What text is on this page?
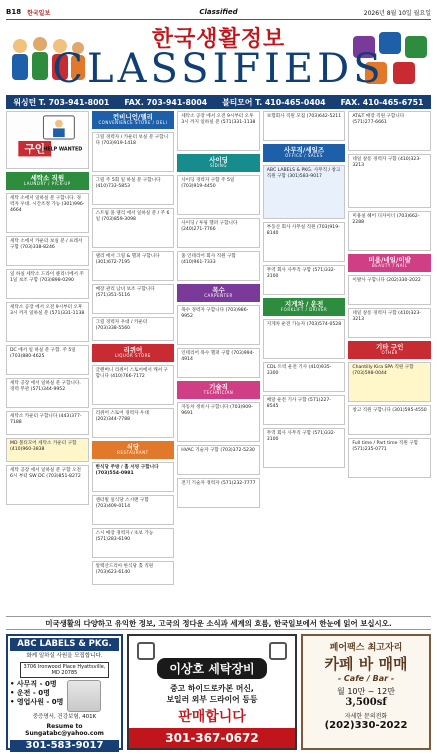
B18 한국일보	Classified	2026년 8월 10일 월요일
한국생활정보
CLASSIFIEDS
워싱턴 T. 703-941-8001 FAX. 703-941-8004 볼티모어 T. 410-465-0404 FAX. 410-465-6751
구인
HELP WANTED
세탁소 직원
LAUNDRY / PICK-UP
세탁 소에서 일하실 분 구합니다. 경력자 우대. 시간조정 가능 (301)996-4664
세탁 소에서 카운터 보실 분 / 프레서 구함 (703)338-8246
일 하실 세탁소 드라이 클리너에서 주 1일 보조 구함 (703)898-0290
세탁소 공장 에서 오전 9시부터 오후 3시 까지 일하실 분 (571)331-1138
DC 에서 일 하실 분 구함. 주 5일 (703)880-4625
세탁 공장 에서 일하실 분 구합니다. 경력 무관 (571)344-9952
세탁소 카운터 구합니다 (443)377-7188
MD 볼티모어 세탁소 카운터 구함 (410)960-3838
세탁 공장 에서 일하실 분 구함 오전 6시 부터 SW DC (703)851-8272
컨비니언/델리
CONVENIENCE STORE / DELI
그릴 경력자 / 카운터 보실 분 구합니다 (703)919-1418
그릴 주 5회 일 하실 분 구합니다 (410)733-5853
스트립 몰 델리 에서 일하실 분 / 주 6일 (703)859-3098
델리 에서 그릴 & 헬퍼 구합니다 (301)672-7195
매장 관리 남녀 보조 구합니다 (571)351-5116
그릴 경력자 우대 / 카운터 (703)338-5560
리퀴어
LIQUOR STORE
글렌버니 리퀴어 스토어에서 캐셔 구합니다 (410)766-7172
리퀴어 스토어 경력자 우대 (202)344-7788
식당
RESTAURANT
한식당 주방 / 홀 서빙 구합니다 (703)554-0981
센터빌 일식당 스시맨 구함 (703)409-0114
스시 매장 경력자 / 초보 가능 (571)283-6190
알렉산드리아 한식당 홀 직원 (703)623-6140
세탁소 공장 에서 오전 9시부터 오후 3시 까지 일하실 분 (571)331-1138
사이딩
SIDING
사이딩 경력자 구함 주 5일 (703)919-4450
사이딩 / 루핑 헬퍼 구합니다 (240)271-7766
홈 인테리어 회사 직원 구함 (410)961-7333
목수
CARPENTER
목수 경력자 구합니다 (703)986-9952
인테리어 목수 헬퍼 구함 (703)994-4914
기술직
TECHNICIAN
자동차 정비사 구합니다 (703)909-9691
HVAC 기술자 구함 (703)372-5230
전기 기술자 경력자 (571)232-7777
보험회사 직원 모집 (703)642-5211
사무직/세일즈
OFFICE / SALES
ABC LABELS & PKG. 사무직 / 창고 직원 구함 (301)583-9017
부동산 회사 사무실 직원 (703)919-8140
무역 회사 사무직 구함 (571)332-3100
지게차 / 운전
FORKLIFT / DRIVER
지게차 운전 가능자 (703)574-0528
CDL 트럭 운전 기사 (410)935-3300
배달 운전 기사 구함 (571)227-8545
무역 회사 사무직 구함 (571)332-3100
AT&T 매장 직원 구합니다 (571)277-6661
네일 살롱 경력자 구함 (410)323-3213
미용실 헤어 디자이너 (703)662-2288
미용/네일/이발
BEAUTY / NAIL
이발사 구합니다 (202)330-2022
네일 살롱 경력자 구함 (410)323-3213
기타 구인
OTHER
Chantilly Kira SPA 직원 구함 (703)598-0044
창고 직원 구합니다 (301)595-4550
Full time / Part time 직원 구함 (571)235-0771
미국생활의 다양하고 유익한 정보, 고국의 정다운 소식과 세계의 흐름, 한국일보에서 한눈에 읽어 보십시오.
ABC LABELS & PKG.
화케 일하실 사원을 모집합니다.
3706 Ironwood Place Hyattsville, MD 20785
• 사무직 - 0명
• 운전 - 0명
• 영업사원 - 0명
중증명서, 건강보험, 401K
Resume to Sungatabc@yahoo.com
301-583-9017
이상호 세탁장비
중고 하이드로카본 머신,
보일러 외부 드라이어 등등
판매합니다
301-367-0672
페어팩스 최고자리
카페 바 매매
- Cafe / Bar -
월 10만 ~ 12만
3,500sf
자세한 문의전화
(202)330-2022
